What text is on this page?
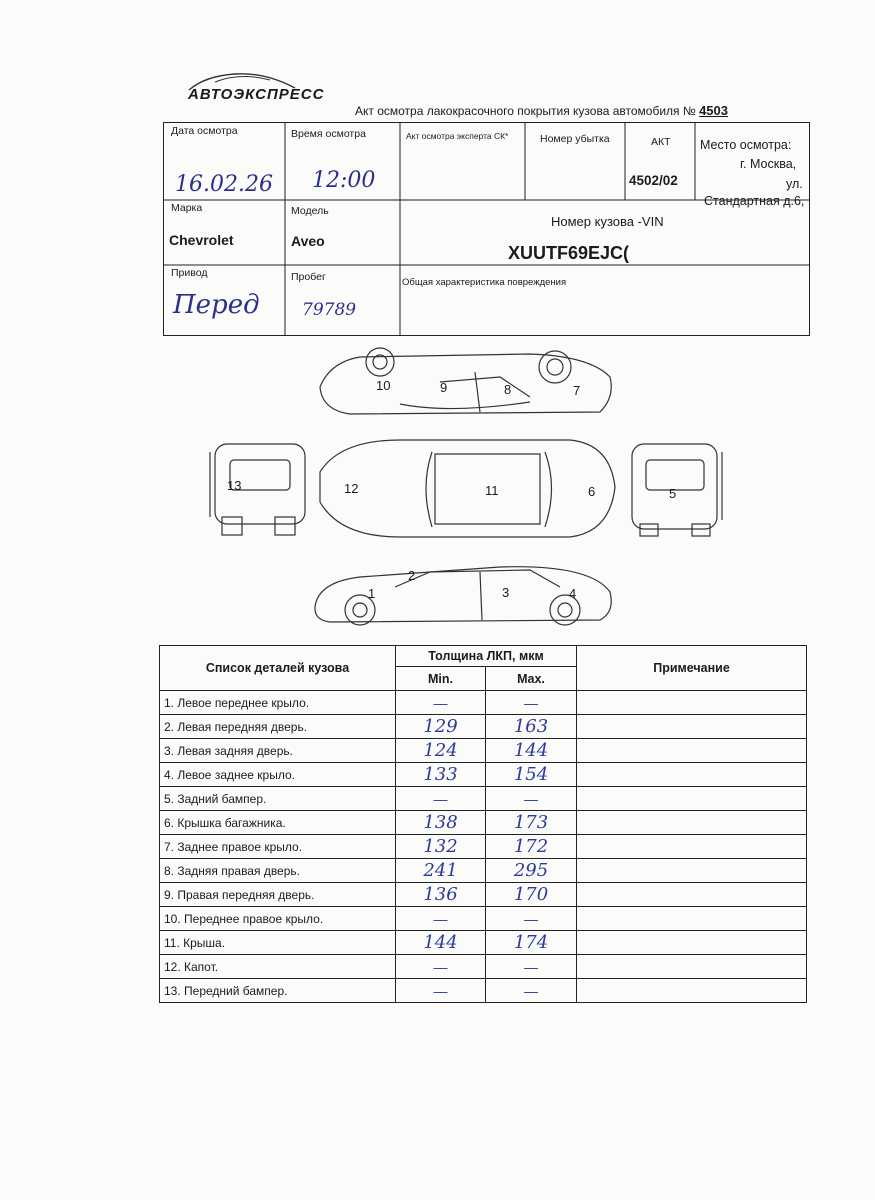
АВТОЭКСПРЕСС
Акт осмотра лакокрасочного покрытия кузова автомобиля № 4503
Дата осмотра
16.02.26
Время осмотра
12:00
Акт осмотра эксперта СК*	Номер убытка	АКТ
4502/02
Место осмотра:
г. Москва,
ул.
Стандартная д.6,
Марка
Chevrolet
Модель
Aveo
Номер кузова -VIN
XUUTF69EJC(
Привод
Перед
Пробег
79789
Общая характеристика повреждения
13	12	11	6	5
10	9	8	7
1
2
3	4
Список деталей кузова	Толщина ЛКП, мкм		Примечание
	Min.	Max.	
1. Левое переднее крыло.	—	—	
2. Левая передняя дверь.	129	163	
3. Левая задняя дверь.	124	144	
4. Левое заднее крыло.	133	154	
5. Задний бампер.	—	—	
6. Крышка багажника.	138	173	
7. Заднее правое крыло.	132	172	
8. Задняя правая дверь.	241	295	
9. Правая передняя дверь.	136	170	
10. Переднее правое крыло.	—	—	
11. Крыша.	144	174	
12. Капот.	—	—	
13. Передний бампер.	—	—	
